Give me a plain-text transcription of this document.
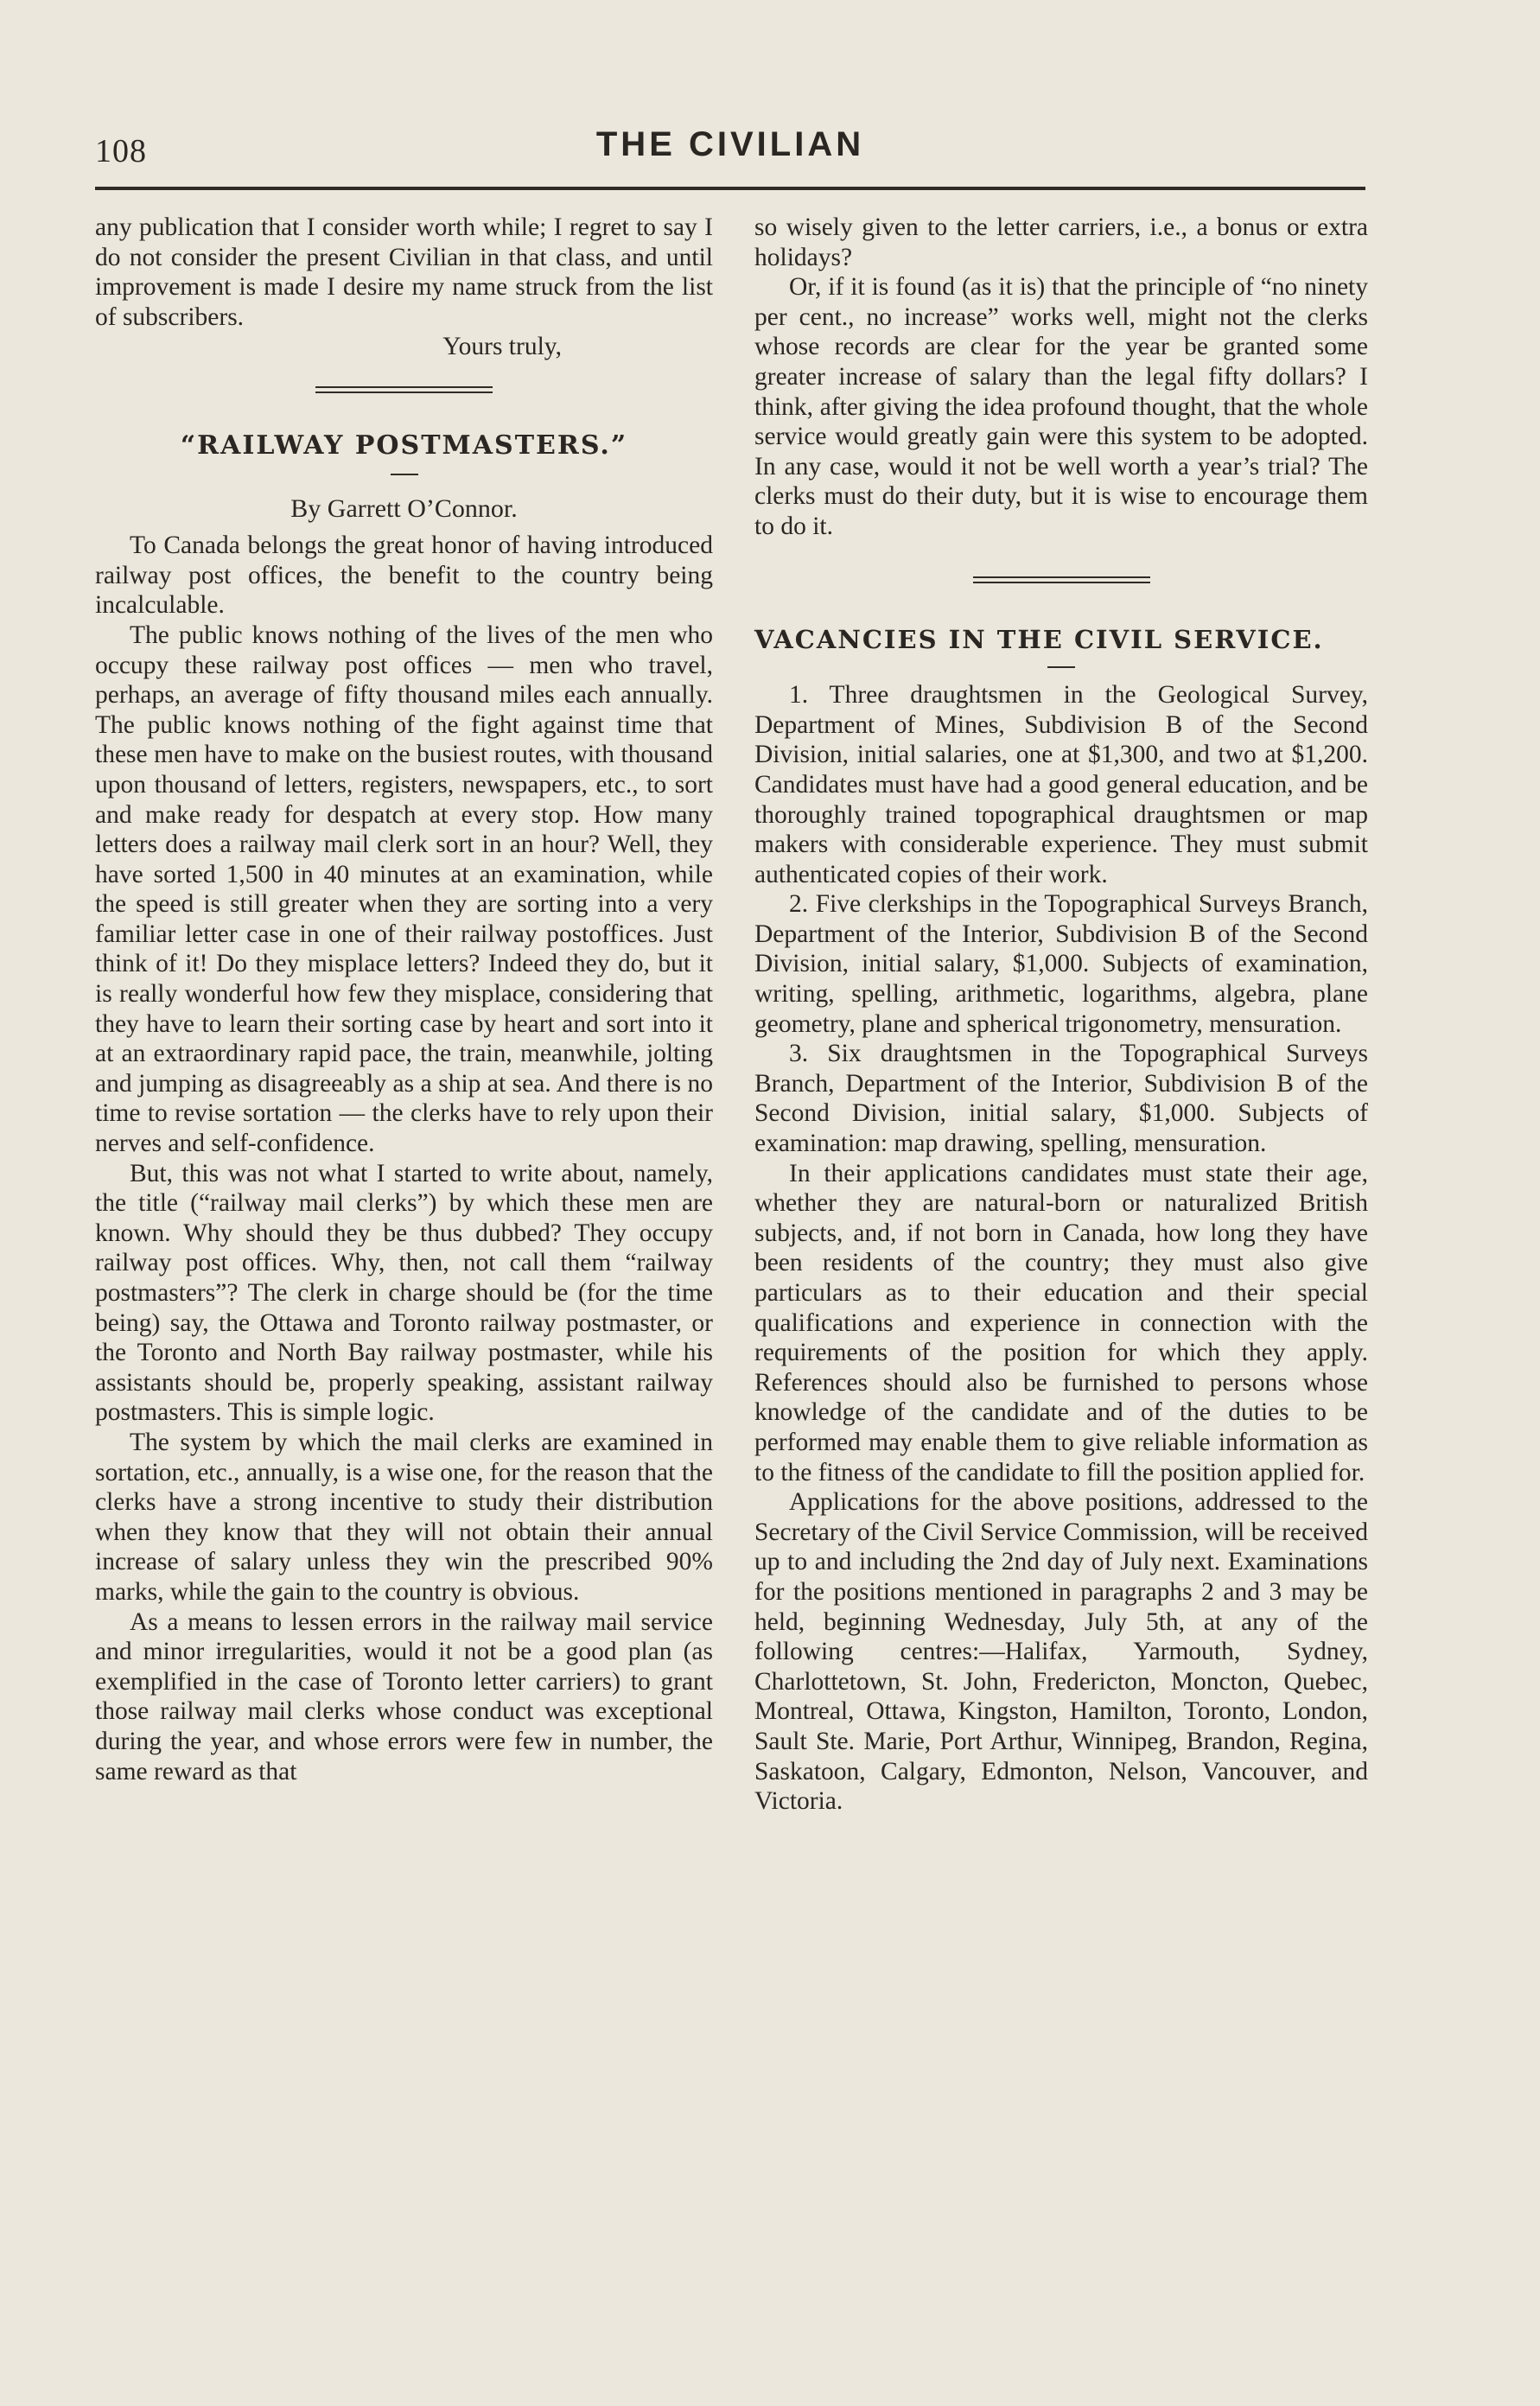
108	THE CIVILIAN

any publication that I consider worth while; I regret to say I do not consider the present Civilian in that class, and until improvement is made I desire my name struck from the list of subscribers.

Yours truly,

“RAILWAY POSTMASTERS.”
By Garrett O’Connor.

To Canada belongs the great honor of having introduced railway post offices, the benefit to the country being incalculable.

The public knows nothing of the lives of the men who occupy these railway post offices — men who travel, perhaps, an average of fifty thousand miles each annually. The public knows nothing of the fight against time that these men have to make on the busiest routes, with thousand upon thousand of letters, registers, newspapers, etc., to sort and make ready for despatch at every stop. How many letters does a railway mail clerk sort in an hour? Well, they have sorted 1,500 in 40 minutes at an examination, while the speed is still greater when they are sorting into a very familiar letter case in one of their railway postoffices. Just think of it! Do they misplace letters? Indeed they do, but it is really wonderful how few they misplace, considering that they have to learn their sorting case by heart and sort into it at an extraordinary rapid pace, the train, meanwhile, jolting and jumping as disagreeably as a ship at sea. And there is no time to revise sortation — the clerks have to rely upon their nerves and self-confidence.

But, this was not what I started to write about, namely, the title (“railway mail clerks”) by which these men are known. Why should they be thus dubbed? They occupy railway post offices. Why, then, not call them “railway postmasters”? The clerk in charge should be (for the time being) say, the Ottawa and Toronto railway postmaster, or the Toronto and North Bay railway postmaster, while his assistants should be, properly speaking, assistant railway postmasters. This is simple logic.

The system by which the mail clerks are examined in sortation, etc., annually, is a wise one, for the reason that the clerks have a strong incentive to study their distribution when they know that they will not obtain their annual increase of salary unless they win the prescribed 90% marks, while the gain to the country is obvious.

As a means to lessen errors in the railway mail service and minor irregularities, would it not be a good plan (as exemplified in the case of Toronto letter carriers) to grant those railway mail clerks whose conduct was exceptional during the year, and whose errors were few in number, the same reward as that

so wisely given to the letter carriers, i.e., a bonus or extra holidays?

Or, if it is found (as it is) that the principle of “no ninety per cent., no increase” works well, might not the clerks whose records are clear for the year be granted some greater increase of salary than the legal fifty dollars? I think, after giving the idea profound thought, that the whole service would greatly gain were this system to be adopted. In any case, would it not be well worth a year’s trial? The clerks must do their duty, but it is wise to encourage them to do it.

VACANCIES IN THE CIVIL SERVICE.

1. Three draughtsmen in the Geological Survey, Department of Mines, Subdivision B of the Second Division, initial salaries, one at $1,300, and two at $1,200. Candidates must have had a good general education, and be thoroughly trained topographical draughtsmen or map makers with considerable experience. They must submit authenticated copies of their work.

2. Five clerkships in the Topographical Surveys Branch, Department of the Interior, Subdivision B of the Second Division, initial salary, $1,000. Subjects of examination, writing, spelling, arithmetic, logarithms, algebra, plane geometry, plane and spherical trigonometry, mensuration.

3. Six draughtsmen in the Topographical Surveys Branch, Department of the Interior, Subdivision B of the Second Division, initial salary, $1,000. Subjects of examination: map drawing, spelling, mensuration.

In their applications candidates must state their age, whether they are natural-born or naturalized British subjects, and, if not born in Canada, how long they have been residents of the country; they must also give particulars as to their education and their special qualifications and experience in connection with the requirements of the position for which they apply. References should also be furnished to persons whose knowledge of the candidate and of the duties to be performed may enable them to give reliable information as to the fitness of the candidate to fill the position applied for.

Applications for the above positions, addressed to the Secretary of the Civil Service Commission, will be received up to and including the 2nd day of July next. Examinations for the positions mentioned in paragraphs 2 and 3 may be held, beginning Wednesday, July 5th, at any of the following centres:—Halifax, Yarmouth, Sydney, Charlottetown, St. John, Fredericton, Moncton, Quebec, Montreal, Ottawa, Kingston, Hamilton, Toronto, London, Sault Ste. Marie, Port Arthur, Winnipeg, Brandon, Regina, Saskatoon, Calgary, Edmonton, Nelson, Vancouver, and Victoria.
